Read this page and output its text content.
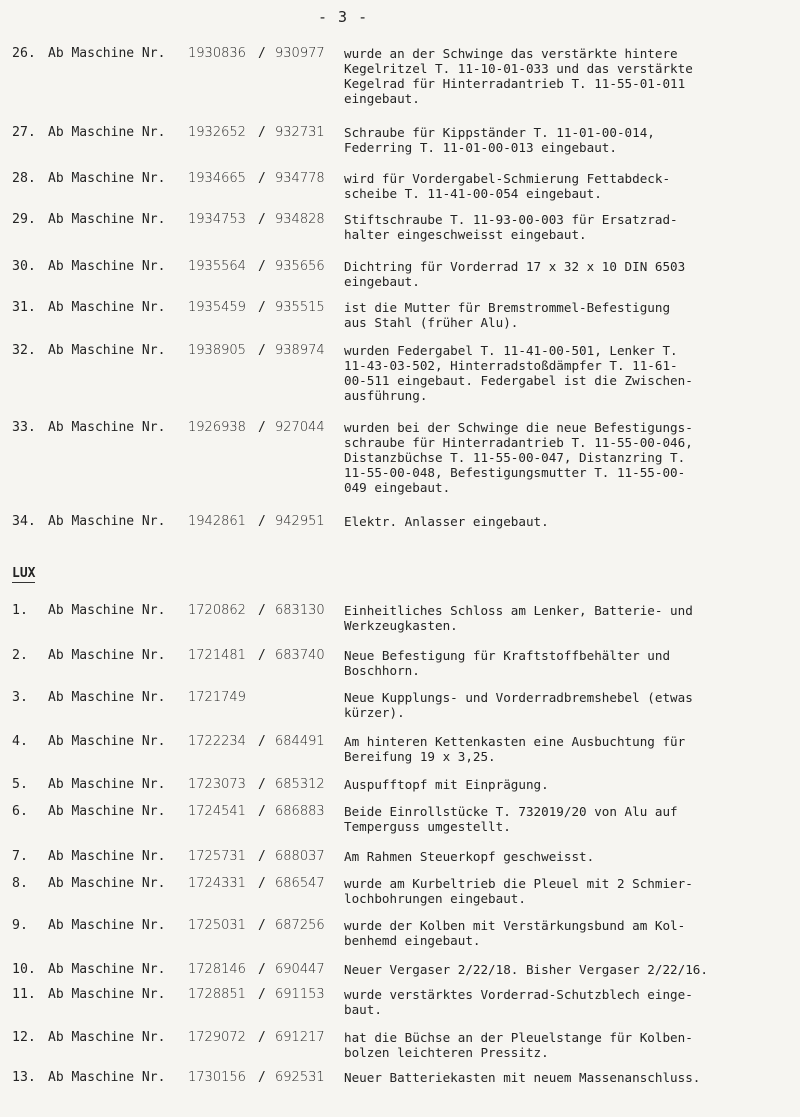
- 3 -
LUX
26. Ab Maschine Nr.	1930836 / 930977	wurde an der Schwinge das verstärkte hintere
Kegelritzel T. 11-10-01-033 und das verstärkte
Kegelrad für Hinterradantrieb T. 11-55-01-011
eingebaut.
27. Ab Maschine Nr.	1932652 / 932731	Schraube für Kippständer T. 11-01-00-014,
Federring T. 11-01-00-013 eingebaut.
28. Ab Maschine Nr.	1934665 / 934778	wird für Vordergabel-Schmierung Fettabdeck-
scheibe T. 11-41-00-054 eingebaut.
29. Ab Maschine Nr.	1934753 / 934828	Stiftschraube T. 11-93-00-003 für Ersatzrad-
halter eingeschweisst eingebaut.
30. Ab Maschine Nr.	1935564 / 935656	Dichtring für Vorderrad 17 x 32 x 10 DIN 6503
eingebaut.
31. Ab Maschine Nr.	1935459 / 935515	ist die Mutter für Bremstrommel-Befestigung
aus Stahl (früher Alu).
32. Ab Maschine Nr.	1938905 / 938974	wurden Federgabel T. 11-41-00-501, Lenker T.
11-43-03-502, Hinterradstoßdämpfer T. 11-61-
00-511 eingebaut. Federgabel ist die Zwischen-
ausführung.
33. Ab Maschine Nr.	1926938 / 927044	wurden bei der Schwinge die neue Befestigungs-
schraube für Hinterradantrieb T. 11-55-00-046,
Distanzbüchse T. 11-55-00-047, Distanzring T.
11-55-00-048, Befestigungsmutter T. 11-55-00-
049 eingebaut.
34. Ab Maschine Nr.	1942861 / 942951	Elektr. Anlasser eingebaut.
1.	Ab Maschine Nr.	1720862 / 683130	Einheitliches Schloss am Lenker, Batterie- und
Werkzeugkasten.
2.	Ab Maschine Nr.	1721481 / 683740	Neue Befestigung für Kraftstoffbehälter und
Boschhorn.
3.	Ab Maschine Nr.	1721749	Neue Kupplungs- und Vorderradbremshebel (etwas
kürzer).
4.	Ab Maschine Nr.	1722234 / 684491	Am hinteren Kettenkasten eine Ausbuchtung für
Bereifung 19 x 3,25.
5.	Ab Maschine Nr.	1723073 / 685312	Auspufftopf mit Einprägung.
6.	Ab Maschine Nr.	1724541 / 686883	Beide Einrollstücke T. 732019/20 von Alu auf
Temperguss umgestellt.
7.	Ab Maschine Nr.	1725731 / 688037	Am Rahmen Steuerkopf geschweisst.
8.	Ab Maschine Nr.	1724331 / 686547	wurde am Kurbeltrieb die Pleuel mit 2 Schmier-
lochbohrungen eingebaut.
9.	Ab Maschine Nr.	1725031 / 687256	wurde der Kolben mit Verstärkungsbund am Kol-
benhemd eingebaut.
10. Ab Maschine Nr.	1728146 / 690447	Neuer Vergaser 2/22/18. Bisher Vergaser 2/22/16.
11. Ab Maschine Nr.	1728851 / 691153	wurde verstärktes Vorderrad-Schutzblech einge-
baut.
12. Ab Maschine Nr.	1729072 / 691217	hat die Büchse an der Pleuelstange für Kolben-
bolzen leichteren Pressitz.
13. Ab Maschine Nr.	1730156 / 692531	Neuer Batteriekasten mit neuem Massenanschluss.
